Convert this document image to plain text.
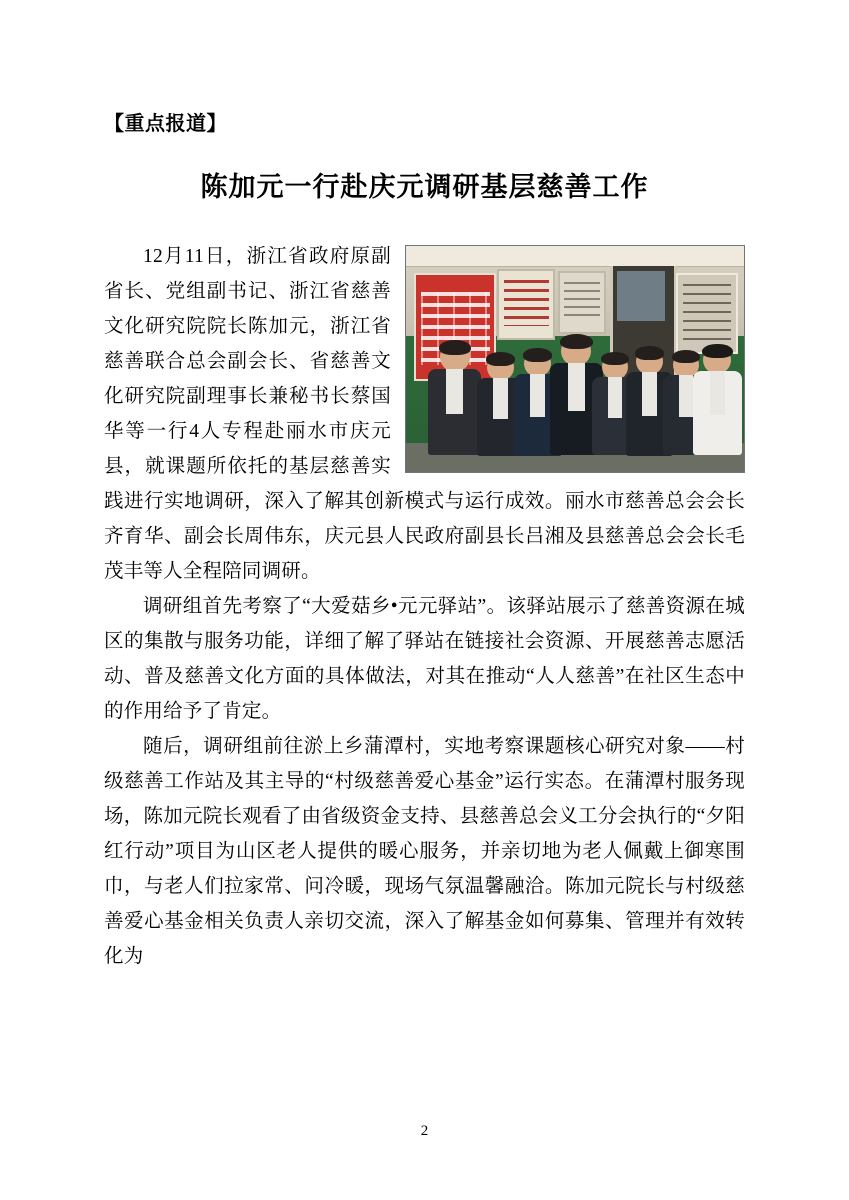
【重点报道】
陈加元一行赴庆元调研基层慈善工作

12月11日，浙江省政府原副省长、党组副书记、浙江省慈善文化研究院院长陈加元，浙江省慈善联合总会副会长、省慈善文化研究院副理事长兼秘书长蔡国华等一行4人专程赴丽水市庆元县，就课题所依托的基层慈善实践进行实地调研，深入了解其创新模式与运行成效。丽水市慈善总会会长齐育华、副会长周伟东，庆元县人民政府副县长吕湘及县慈善总会会长毛茂丰等人全程陪同调研。

调研组首先考察了“大爱菇乡•元元驿站”。该驿站展示了慈善资源在城区的集散与服务功能，详细了解了驿站在链接社会资源、开展慈善志愿活动、普及慈善文化方面的具体做法，对其在推动“人人慈善”在社区生态中的作用给予了肯定。

随后，调研组前往淤上乡蒲潭村，实地考察课题核心研究对象——村级慈善工作站及其主导的“村级慈善爱心基金”运行实态。在蒲潭村服务现场，陈加元院长观看了由省级资金支持、县慈善总会义工分会执行的“夕阳红行动”项目为山区老人提供的暖心服务，并亲切地为老人佩戴上御寒围巾，与老人们拉家常、问冷暖，现场气氛温馨融洽。陈加元院长与村级慈善爱心基金相关负责人亲切交流，深入了解基金如何募集、管理并有效转化为

2
